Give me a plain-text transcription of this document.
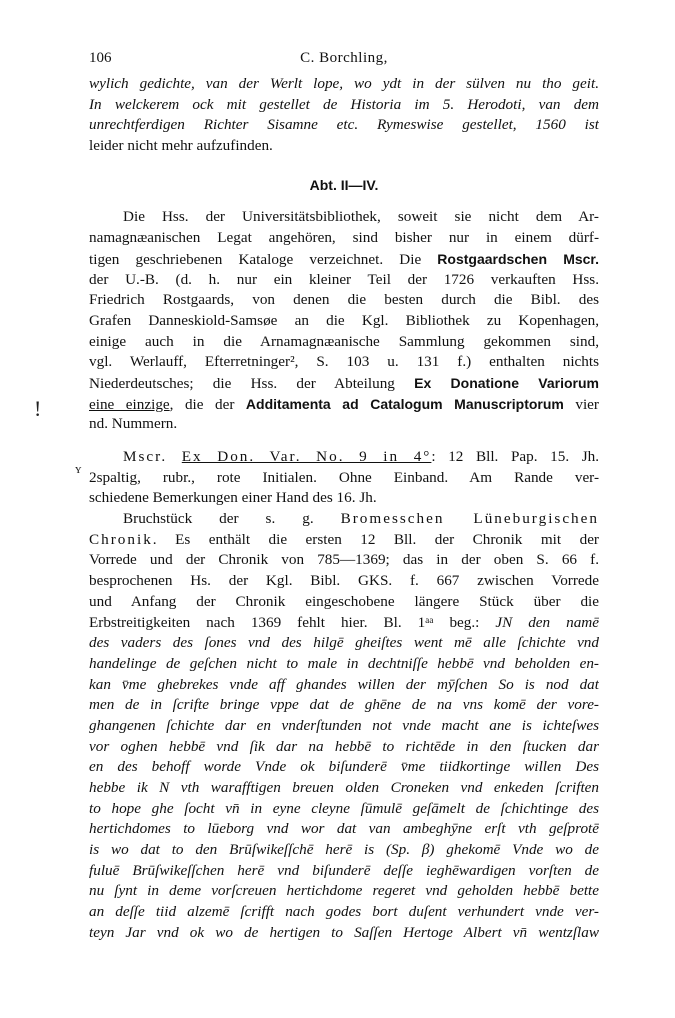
!
ʏ
106	C. Borchling,
wylich gedichte, van der Werlt lope, wo ydt in der sülven nu tho geit.
In welckerem ock mit gestellet de Historia im 5. Herodoti, van dem
unrechtferdigen Richter Sisamne etc. Rymeswise gestellet, 1560 ist
leider nicht mehr aufzufinden.
Abt. II—IV.
Die Hss. der Universitätsbibliothek, soweit sie nicht dem Ar-
namagnæanischen Legat angehören, sind bisher nur in einem dürf-
tigen geschriebenen Kataloge verzeichnet. Die Rostgaardschen Mscr.
der U.-B. (d. h. nur ein kleiner Teil der 1726 verkauften Hss.
Friedrich Rostgaards, von denen die besten durch die Bibl. des
Grafen Danneskiold-Samsøe an die Kgl. Bibliothek zu Kopenhagen,
einige auch in die Arnamagnæanische Sammlung gekommen sind,
vgl. Werlauff, Efterretninger², S. 103 u. 131 f.) enthalten nichts
Niederdeutsches; die Hss. der Abteilung Ex Donatione Variorum
eine einzige, die der Additamenta ad Catalogum Manuscriptorum vier
nd. Nummern.
Mscr. Ex Don. Var. No. 9 in 4°: 12 Bll. Pap. 15. Jh.
2spaltig, rubr., rote Initialen. Ohne Einband. Am Rande ver-
schiedene Bemerkungen einer Hand des 16. Jh.
Bruchstück der s. g. Bromesschen Lüneburgischen
Chronik. Es enthält die ersten 12 Bll. der Chronik mit der
Vorrede und der Chronik von 785—1369; das in der oben S. 66 f.
besprochenen Hs. der Kgl. Bibl. GKS. f. 667 zwischen Vorrede
und Anfang der Chronik eingeschobene längere Stück über die
Erbstreitigkeiten nach 1369 fehlt hier. Bl. 1ᵃᵃ beg.: JN den namē
des vaders des ſones vnd des hilgē gheiſtes went mē alle ſchichte vnd
handelinge de geſchen nicht to male in dechtniſſe hebbē vnd beholden en-
kan v̄me ghebrekes vnde aff ghandes willen der mȳſchen So is nod dat
men de in ſcrifte bringe vppe dat de ghēne de na vns komē der vore-
ghangenen ſchichte dar en vnderſtunden not vnde macht ane is ichteſwes
vor oghen hebbē vnd ſik dar na hebbē to richtēde in den ſtucken dar
en des behoff worde Vnde ok biſunderē v̄me tiidkortinge willen Des
hebbe ik N vth warafftigen breuen olden Croneken vnd enkeden ſcriften
to hope ghe ſocht vn̄ in eyne cleyne ſūmulē geſāmelt de ſchichtinge des
hertichdomes to lūeborg vnd wor dat van ambeghȳne erſt vth geſprotē
is wo dat to den Brūſwikeſſchē herē is (Sp. β) ghekomē Vnde wo de
fuluē Brūſwikeſſchen herē vnd biſunderē deſſe ieghēwardigen vorſten de
nu ſynt in deme vorſcreuen hertichdome regeret vnd geholden hebbē bette
an deſſe tiid alzemē ſcrifft nach godes bort duſent verhundert vnde ver-
teyn Jar vnd ok wo de hertigen to Saſſen Hertoge Albert vn̄ wentzſlaw
